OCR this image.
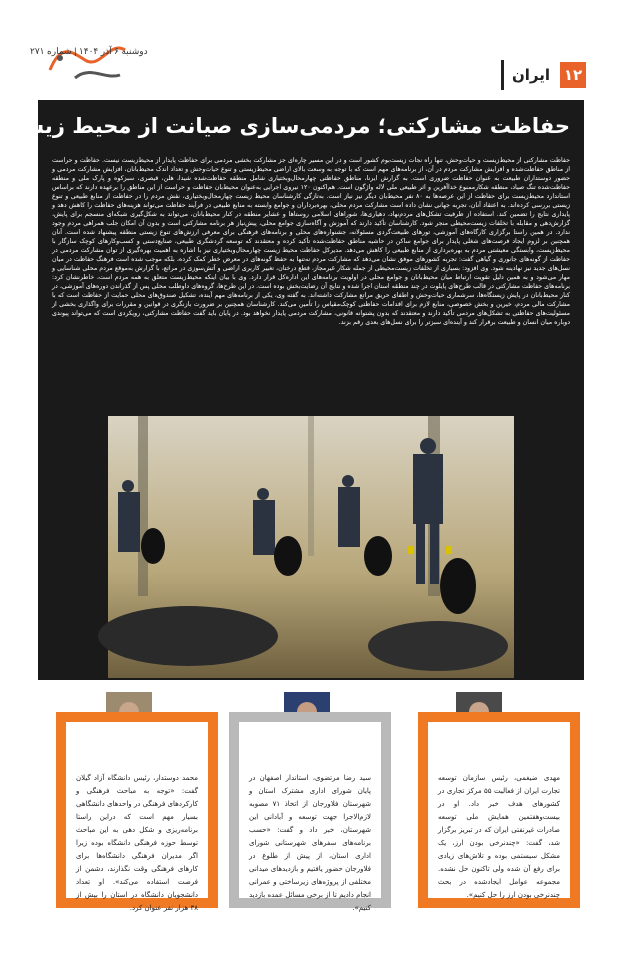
۱۲
ایران
دوشنبه ۶ آذر ۱۴۰۴ | شماره ۲۷۱
حفاظت مشارکتی؛ مردمی‌سازی صیانت از محیط زیست
حفاظت مشارکتی از محیط‌زیست و حیات‌وحش، تنها راه نجات زیست‌بوم کشور است و در این مسیر چاره‌ای جز مشارکت بخشی مردمی برای حفاظت پایدار از محیط‌زیست نیست. حفاظت و حراست از مناطق حفاظت‌شده و افزایش مشارکت مردم در آن، از برنامه‌های مهم است که با توجه به وسعت بالای اراضی محیط‌زیستی و تنوع حیات‌وحش و تعداد اندک محیط‌بانان، افزایش مشارکت مردمی و حضور دوستداران طبیعت به عنوان حفاظت ضروری است. به گزارش ایرنا، مناطق حفاظتی چهارمحال‌وبختیاری شامل منطقه حفاظت‌شده شیدا، هلن، قیصری، سبزکوه و پارک ملی و منطقه حفاظت‌شده تنگ صیاد، منطقه شکارممنوع خداآفرین و اثر طبیعی ملی لاله واژگون است. هم‌اکنون ۱۲۰ نیروی اجرایی به‌عنوان محیط‌بان حفاظت و حراست از این مناطق را برعهده دارند که براساس استاندارد محیط‌زیست برای حفاظت از این عرصه‌ها به ۸۰ نفر محیط‌بان دیگر نیز نیاز است. به‌تازگی کارشناسان محیط زیست چهارمحال‌وبختیاری، نقش مردم را در حفاظت از منابع طبیعی و تنوع زیستی بررسی کرده‌اند. به اعتقاد آنان، تجربه جهانی نشان داده است مشارکت مردم محلی، بهره‌برداران و جوامع وابسته به منابع طبیعی در فرآیند حفاظت می‌تواند هزینه‌های حفاظت را کاهش دهد و پایداری نتایج را تضمین کند. استفاده از ظرفیت تشکل‌های مردم‌نهاد، دهیاری‌ها، شوراهای اسلامی روستاها و عشایر منطقه در کنار محیط‌بانان، می‌تواند به شکل‌گیری شبکه‌ای منسجم برای پایش، گزارش‌دهی و مقابله با تخلفات زیست‌محیطی منجر شود. کارشناسان تأکید دارند که آموزش و آگاه‌سازی جوامع محلی، پیش‌نیاز هر برنامه مشارکتی است و بدون آن امکان جلب همراهی مردم وجود ندارد. در همین راستا برگزاری کارگاه‌های آموزشی، تور‌های طبیعت‌گردی مسئولانه، جشنواره‌های محلی و برنامه‌های فرهنگی برای معرفی ارزش‌های تنوع زیستی منطقه پیشنهاد شده است. آنان همچنین بر لزوم ایجاد فرصت‌های شغلی پایدار برای جوامع ساکن در حاشیه مناطق حفاظت‌شده تأکید کرده و معتقدند که توسعه گردشگری طبیعی، صنایع‌دستی و کسب‌وکارهای کوچک سازگار با محیط‌زیست، وابستگی معیشتی مردم به بهره‌برداری از منابع طبیعی را کاهش می‌دهد. مدیرکل حفاظت محیط زیست چهارمحال‌وبختیاری نیز با اشاره به اهمیت بهره‌گیری از توان مشارکت مردمی در حفاظت از گونه‌های جانوری و گیاهی گفت: تجربه کشورهای موفق نشان می‌دهد که مشارکت مردم نه‌تنها به حفظ گونه‌های در معرض خطر کمک کرده، بلکه موجب شده است فرهنگ حفاظت در میان نسل‌های جدید نیز نهادینه شود. وی افزود: بسیاری از تخلفات زیست‌محیطی از جمله شکار غیرمجاز، قطع درختان، تغییر کاربری اراضی و آتش‌سوزی در مراتع، با گزارش به‌موقع مردم محلی شناسایی و مهار می‌شود و به همین دلیل تقویت ارتباط میان محیط‌بانان و جوامع محلی در اولویت برنامه‌های این اداره‌کل قرار دارد. وی با بیان اینکه محیط‌زیست متعلق به همه مردم است، خاطرنشان کرد: برنامه‌های حفاظت مشارکتی در قالب طرح‌های پایلوت در چند منطقه استان اجرا شده و نتایج آن رضایت‌بخش بوده است. در این طرح‌ها، گروه‌های داوطلب محلی پس از گذراندن دوره‌های آموزشی، در کنار محیط‌بانان در پایش زیستگاه‌ها، سرشماری حیات‌وحش و اطفای حریق مراتع مشارکت داشته‌اند. به گفته وی، یکی از برنامه‌های مهم آینده، تشکیل صندوق‌های محلی حمایت از حفاظت است که با مشارکت مالی مردم، خیرین و بخش خصوصی، منابع لازم برای اقدامات حفاظتی کوچک‌مقیاس را تأمین می‌کند. کارشناسان همچنین بر ضرورت بازنگری در قوانین و مقررات برای واگذاری بخشی از مسئولیت‌های حفاظتی به تشکل‌های مردمی تأکید دارند و معتقدند که بدون پشتوانه قانونی، مشارکت مردمی پایدار نخواهد بود. در پایان باید گفت حفاظت مشارکتی، رویکردی است که می‌تواند پیوندی دوباره میان انسان و طبیعت برقرار کند و آینده‌ای سبزتر را برای نسل‌های بعدی رقم بزند.
مهدی ضیغمی، رئیس سازمان توسعه تجارت ایران از فعالیت ۵۵ مرکز تجاری در کشورهای هدف خبر داد. او در بیست‌وهفتمین همایش ملی توسعه صادرات غیرنفتی ایران که در تبریز برگزار شد، گفت: «چندنرخی بودن ارز، یک مشکل سیستمی بوده و تلاش‌های زیادی برای رفع آن شده ولی تاکنون حل نشده. مجموعه عوامل ایجادشده در بحث چندنرخی بودن ارز را حل کنیم».
سید رضا مرتضوی، استاندار اصفهان در پایان شورای اداری مشترک استان و شهرستان فلاورجان از اتخاذ ۷۱ مصوبه لازم‌الاجرا جهت توسعه و آبادانی این شهرستان، خبر داد و گفت: «حسب برنامه‌های سفرهای شهرستانی شورای اداری استان، از پیش از طلوع در فلاورجان حضور یافتیم و بازدیدهای میدانی مختلفی از پروژه‌های زیرساختی و عمرانی انجام دادیم تا از برخی مسائل عمده بازدید کنیم».
محمد دوستدار، رئیس دانشگاه آزاد گیلان گفت: «توجه به مباحث فرهنگی و کارکردهای فرهنگی در واحدهای دانشگاهی بسیار مهم است که دراین راستا برنامه‌ریزی و شکل دهی به این مباحث توسط حوزه فرهنگی دانشگاه بوده زیرا اگر مدیران فرهنگی دانشگاه‌ها برای کارهای فرهنگی وقت نگذارند، دشمن از فرصت استفاده می‌کند». او تعداد دانشجویان دانشگاه در استان را بیش از ۳۸ هزار نفر عنوان کرد.
